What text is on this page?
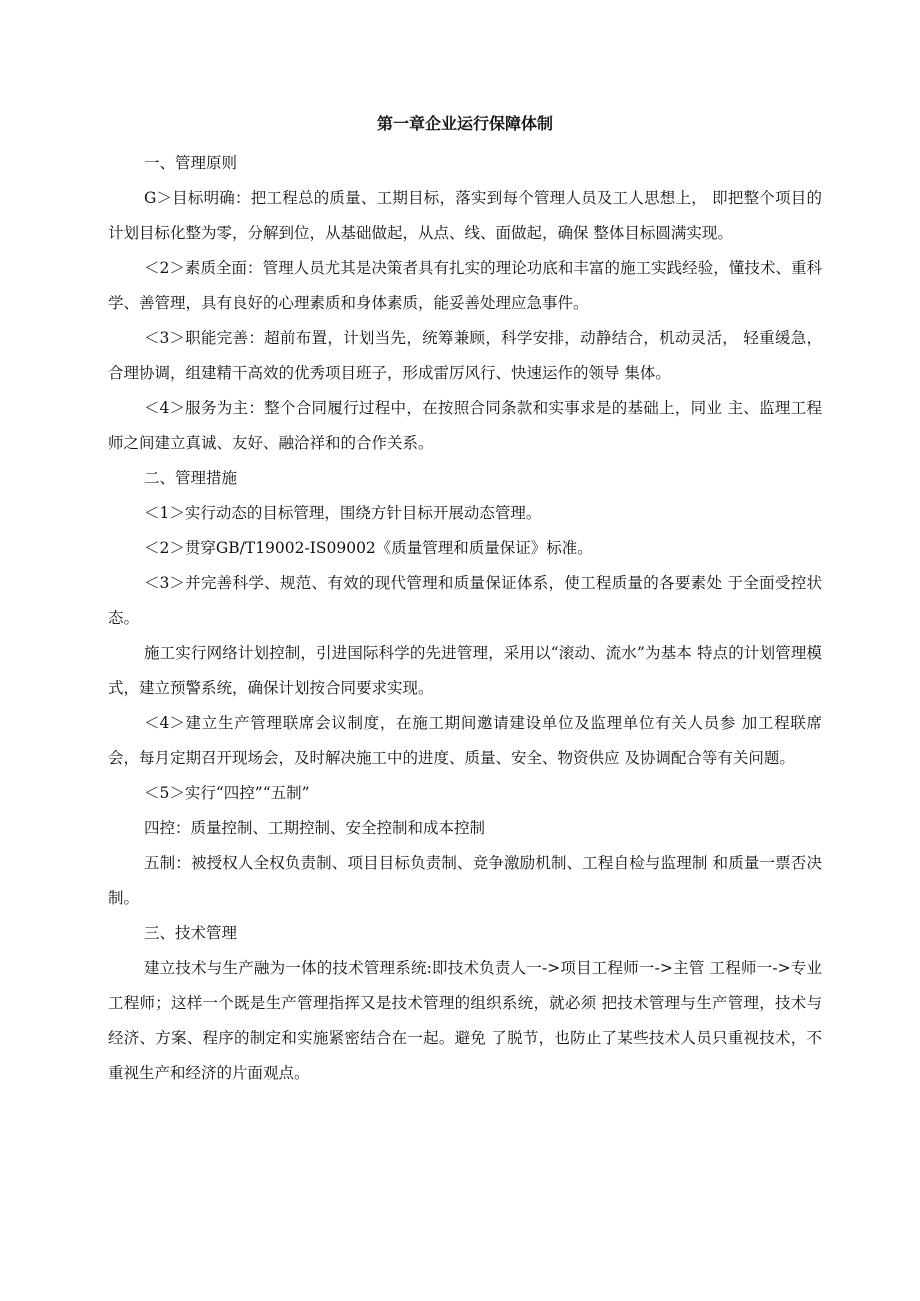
第一章企业运行保障体制

一、管理原则

G＞目标明确：把工程总的质量、工期目标，落实到每个管理人员及工人思想上， 即把整个项目的计划目标化整为零，分解到位，从基础做起，从点、线、面做起，确保 整体目标圆满实现。

＜2＞素质全面：管理人员尤其是决策者具有扎实的理论功底和丰富的施工实践经验，懂技术、重科学、善管理，具有良好的心理素质和身体素质，能妥善处理应急事件。

＜3＞职能完善：超前布置，计划当先，统筹兼顾，科学安排，动静结合，机动灵活， 轻重缓急，合理协调，组建精干高效的优秀项目班子，形成雷厉风行、快速运作的领导 集体。

＜4＞服务为主：整个合同履行过程中，在按照合同条款和实事求是的基础上，同业 主、监理工程师之间建立真诚、友好、融洽祥和的合作关系。

二、管理措施

＜1＞实行动态的目标管理，围绕方针目标开展动态管理。

＜2＞贯穿GB/T19002-IS09002《质量管理和质量保证》标准。

＜3＞并完善科学、规范、有效的现代管理和质量保证体系，使工程质量的各要素处 于全面受控状态。

施工实行网络计划控制，引进国际科学的先进管理，采用以“滚动、流水”为基本 特点的计划管理模式，建立预警系统，确保计划按合同要求实现。

＜4＞建立生产管理联席会议制度，在施工期间邀请建设单位及监理单位有关人员参 加工程联席会，每月定期召开现场会，及时解决施工中的进度、质量、安全、物资供应 及协调配合等有关问题。

＜5＞实行“四控”“五制”

四控：质量控制、工期控制、安全控制和成本控制

五制：被授权人全权负责制、项目目标负责制、竞争激励机制、工程自检与监理制 和质量一票否决制。

三、技术管理

建立技术与生产融为一体的技术管理系统:即技术负责人一->项目工程师一->主管 工程师一->专业工程师；这样一个既是生产管理指挥又是技术管理的组织系统，就必须 把技术管理与生产管理，技术与经济、方案、程序的制定和实施紧密结合在一起。避免 了脱节，也防止了某些技术人员只重视技术，不重视生产和经济的片面观点。
